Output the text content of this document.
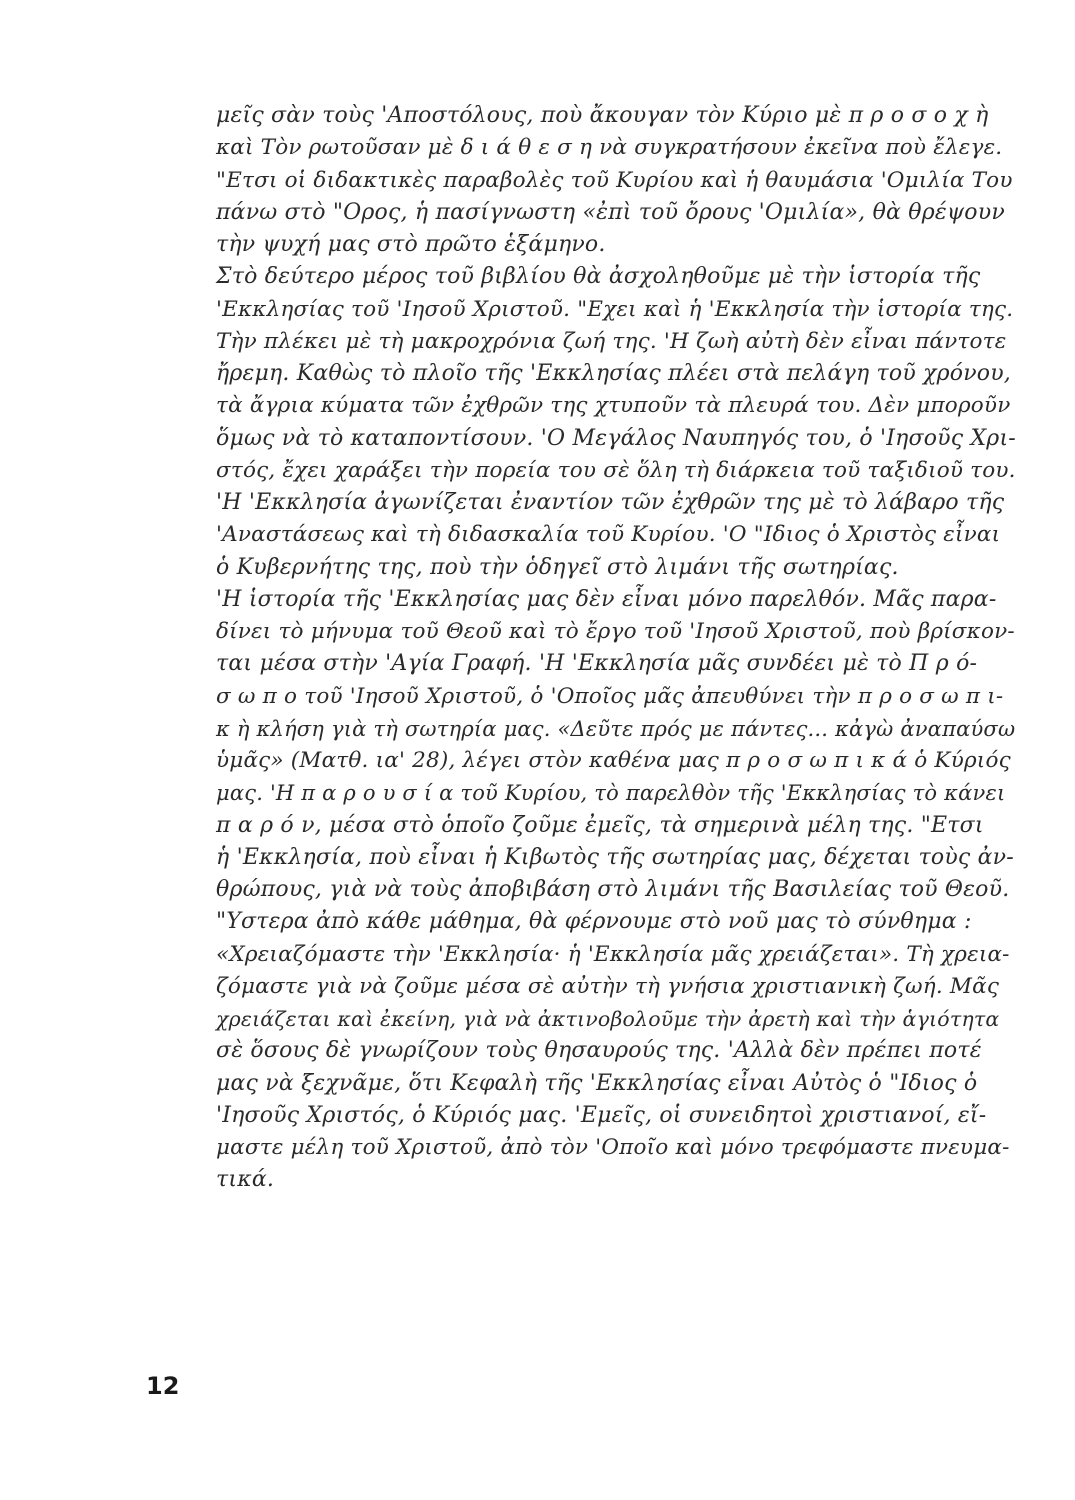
μεῖς σὰν τοὺς 'Αποστόλους, ποὺ ἄκουγαν τὸν Κύριο μὲ π ρ ο σ ο χ ὴ
καὶ Τὸν ρωτοῦσαν μὲ δ ι ά θ ε σ η νὰ συγκρατήσουν ἐκεῖνα ποὺ ἔλεγε.
"Ετσι οἱ διδακτικὲς παραβολὲς τοῦ Κυρίου καὶ ἡ θαυμάσια 'Ομιλία Του
πάνω στὸ "Ορος, ἡ πασίγνωστη «ἐπὶ τοῦ ὄρους 'Ομιλία», θὰ θρέψουν
τὴν ψυχή μας στὸ πρῶτο ἑξάμηνο.
Στὸ δεύτερο μέρος τοῦ βιβλίου θὰ ἀσχοληθοῦμε μὲ τὴν ἱστορία τῆς
'Εκκλησίας τοῦ 'Ιησοῦ Χριστοῦ. "Εχει καὶ ἡ 'Εκκλησία τὴν ἱστορία της.
Τὴν πλέκει μὲ τὴ μακροχρόνια ζωή της. 'Η ζωὴ αὐτὴ δὲν εἶναι πάντοτε
ἤρεμη. Καθὼς τὸ πλοῖο τῆς 'Εκκλησίας πλέει στὰ πελάγη τοῦ χρόνου,
τὰ ἄγρια κύματα τῶν ἐχθρῶν της χτυποῦν τὰ πλευρά του. Δὲν μποροῦν
ὅμως νὰ τὸ καταποντίσουν. 'Ο Μεγάλος Ναυπηγός του, ὁ 'Ιησοῦς Χρι-
στός, ἔχει χαράξει τὴν πορεία του σὲ ὅλη τὴ διάρκεια τοῦ ταξιδιοῦ του.
'Η 'Εκκλησία ἀγωνίζεται ἐναντίον τῶν ἐχθρῶν της μὲ τὸ λάβαρο τῆς
'Αναστάσεως καὶ τὴ διδασκαλία τοῦ Κυρίου. 'Ο "Ιδιος ὁ Χριστὸς εἶναι
ὁ Κυβερνήτης της, ποὺ τὴν ὁδηγεῖ στὸ λιμάνι τῆς σωτηρίας.
'Η ἱστορία τῆς 'Εκκλησίας μας δὲν εἶναι μόνο παρελθόν. Μᾶς παρα-
δίνει τὸ μήνυμα τοῦ Θεοῦ καὶ τὸ ἔργο τοῦ 'Ιησοῦ Χριστοῦ, ποὺ βρίσκον-
ται μέσα στὴν 'Αγία Γραφή. 'Η 'Εκκλησία μᾶς συνδέει μὲ τὸ Π ρ ό-
σ ω π ο τοῦ 'Ιησοῦ Χριστοῦ, ὁ 'Οποῖος μᾶς ἀπευθύνει τὴν π ρ ο σ ω π ι-
κ ὴ κλήση γιὰ τὴ σωτηρία μας. «Δεῦτε πρός με πάντες... κἀγὼ ἀναπαύσω
ὑμᾶς» (Ματθ. ια' 28), λέγει στὸν καθένα μας π ρ ο σ ω π ι κ ά ὁ Κύριός
μας. 'Η π α ρ ο υ σ ί α τοῦ Κυρίου, τὸ παρελθὸν τῆς 'Εκκλησίας τὸ κάνει
π α ρ ό ν, μέσα στὸ ὁποῖο ζοῦμε ἐμεῖς, τὰ σημερινὰ μέλη της. "Ετσι
ἡ 'Εκκλησία, ποὺ εἶναι ἡ Κιβωτὸς τῆς σωτηρίας μας, δέχεται τοὺς ἀν-
θρώπους, γιὰ νὰ τοὺς ἀποβιβάση στὸ λιμάνι τῆς Βασιλείας τοῦ Θεοῦ.
"Υστερα ἀπὸ κάθε μάθημα, θὰ φέρνουμε στὸ νοῦ μας τὸ σύνθημα :
«Χρειαζόμαστε τὴν 'Εκκλησία· ἡ 'Εκκλησία μᾶς χρειάζεται». Τὴ χρεια-
ζόμαστε γιὰ νὰ ζοῦμε μέσα σὲ αὐτὴν τὴ γνήσια χριστιανικὴ ζωή. Μᾶς
χρειάζεται καὶ ἐκείνη, γιὰ νὰ ἀκτινοβολοῦμε τὴν ἀρετὴ καὶ τὴν ἁγιότητα
σὲ ὅσους δὲ γνωρίζουν τοὺς θησαυρούς της. 'Αλλὰ δὲν πρέπει ποτέ
μας νὰ ξεχνᾶμε, ὅτι Κεφαλὴ τῆς 'Εκκλησίας εἶναι Αὐτὸς ὁ "Ιδιος ὁ
'Ιησοῦς Χριστός, ὁ Κύριός μας. 'Εμεῖς, οἱ συνειδητοὶ χριστιανοί, εἴ-
μαστε μέλη τοῦ Χριστοῦ, ἀπὸ τὸν 'Οποῖο καὶ μόνο τρεφόμαστε πνευμα-
τικά.
12
